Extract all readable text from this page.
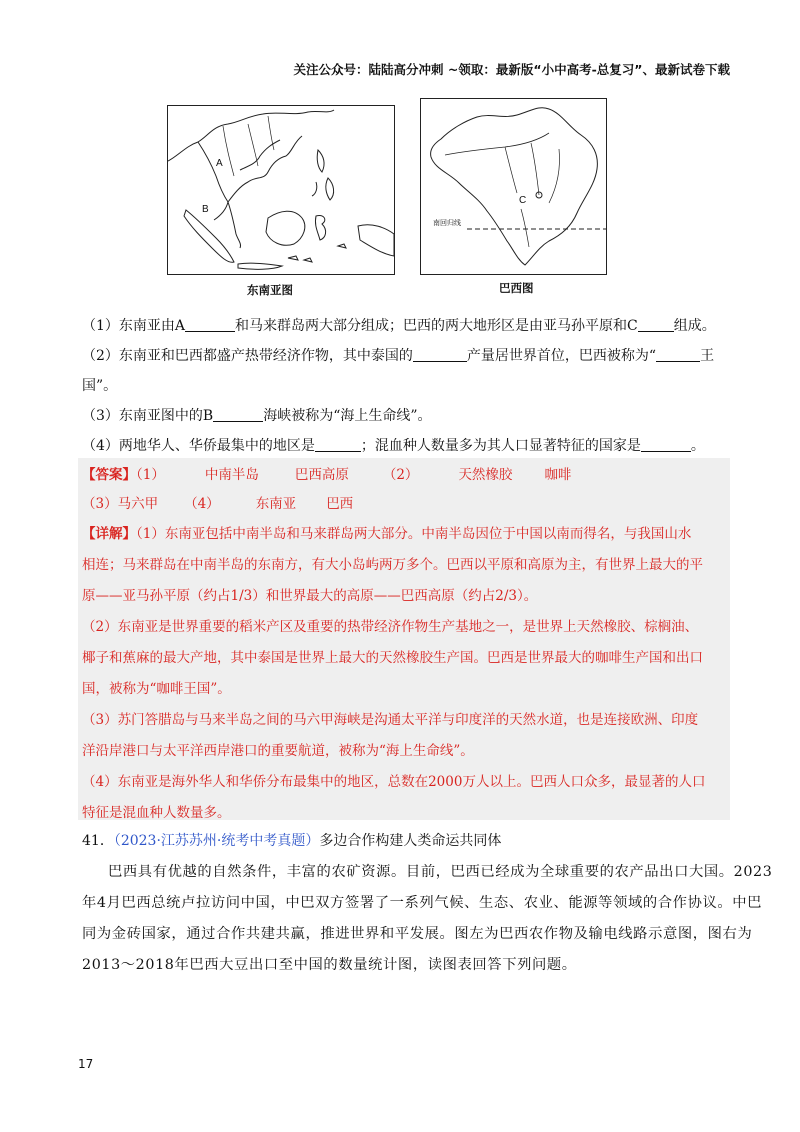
关注公众号：陆陆高分冲刺 ~领取：最新版“小中高考-总复习”、最新试卷下载
A
B
东南亚图
C
南回归线
巴西图
（1）东南亚由A	和马来群岛两大部分组成；巴西的两大地形区是由亚马孙平原和C	组成。
（2）东南亚和巴西都盛产热带经济作物，其中泰国的	产量居世界首位，巴西被称为“	王
国”。
（3）东南亚图中的B	海峡被称为“海上生命线”。
（4）两地华人、华侨最集中的地区是	；混血种人数量多为其人口显著特征的国家是	。
【答案】（1）	中南半岛	巴西高原	（2）	天然橡胶 咖啡
（3）马六甲 （4）	东南亚 巴西
【详解】（1）东南亚包括中南半岛和马来群岛两大部分。中南半岛因位于中国以南而得名，与我国山水
相连；马来群岛在中南半岛的东南方，有大小岛屿两万多个。巴西以平原和高原为主，有世界上最大的平
原——亚马孙平原（约占1/3）和世界最大的高原——巴西高原（约占2/3）。
（2）东南亚是世界重要的稻米产区及重要的热带经济作物生产基地之一，是世界上天然橡胶、棕榈油、
椰子和蕉麻的最大产地，其中泰国是世界上最大的天然橡胶生产国。巴西是世界最大的咖啡生产国和出口
国，被称为“咖啡王国”。
（3）苏门答腊岛与马来半岛之间的马六甲海峡是沟通太平洋与印度洋的天然水道，也是连接欧洲、印度
洋沿岸港口与太平洋西岸港口的重要航道，被称为“海上生命线”。
（4）东南亚是海外华人和华侨分布最集中的地区，总数在2000万人以上。巴西人口众多，最显著的人口
特征是混血种人数量多。
41．（2023·江苏苏州·统考中考真题）多边合作构建人类命运共同体
巴西具有优越的自然条件，丰富的农矿资源。目前，巴西已经成为全球重要的农产品出口大国。2023
年4月巴西总统卢拉访问中国，中巴双方签署了一系列气候、生态、农业、能源等领域的合作协议。中巴
同为金砖国家，通过合作共建共赢，推进世界和平发展。图左为巴西农作物及输电线路示意图，图右为
2013～2018年巴西大豆出口至中国的数量统计图，读图表回答下列问题。
17
